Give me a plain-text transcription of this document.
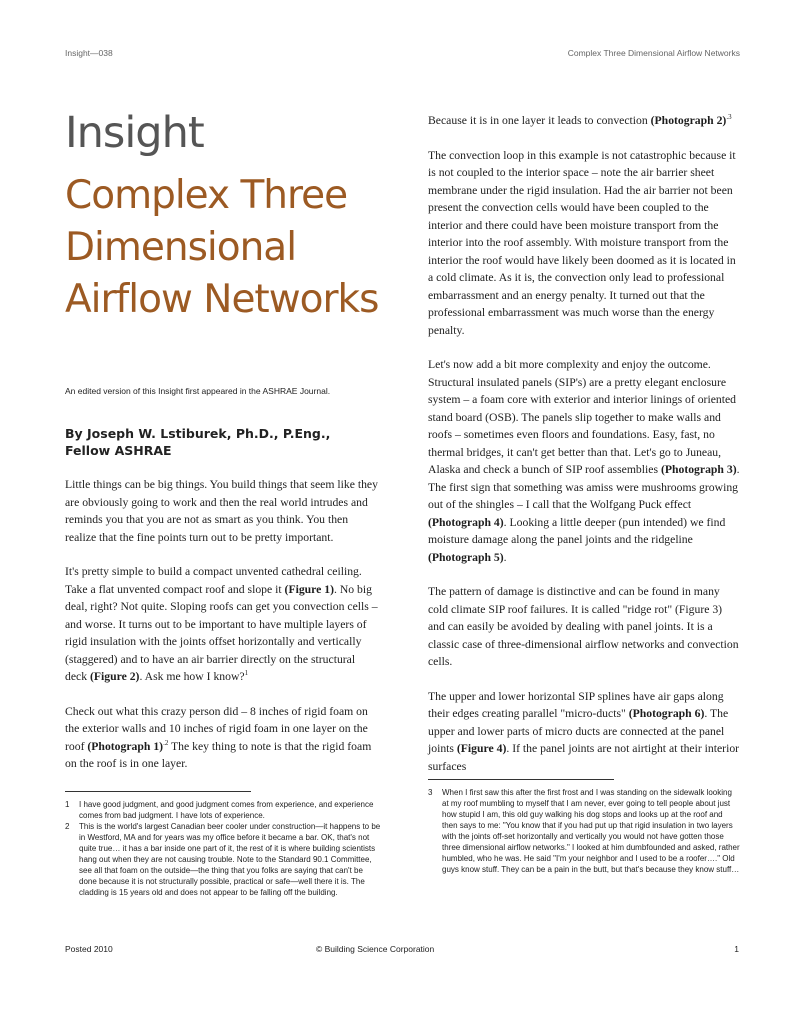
Insight—038	Complex Three Dimensional Airflow Networks
Insight
Complex Three Dimensional Airflow Networks
An edited version of this Insight first appeared in the ASHRAE Journal.
By Joseph W. Lstiburek, Ph.D., P.Eng., Fellow ASHRAE

Little things can be big things. You build things that seem like they are obviously going to work and then the real world intrudes and reminds you that you are not as smart as you think. You then realize that the fine points turn out to be pretty important.

It's pretty simple to build a compact unvented cathedral ceiling. Take a flat unvented compact roof and slope it (Figure 1). No big deal, right? Not quite. Sloping roofs can get you convection cells – and worse. It turns out to be important to have multiple layers of rigid insulation with the joints offset horizontally and vertically (staggered) and to have an air barrier directly on the structural deck (Figure 2). Ask me how I know?$^1$

Check out what this crazy person did – 8 inches of rigid foam on the exterior walls and 10 inches of rigid foam in one layer on the roof (Photograph 1)$^{.2}$ The key thing to note is that the rigid foam on the roof is in one layer.

Because it is in one layer it leads to convection (Photograph 2)$^{.3}$

The convection loop in this example is not catastrophic because it is not coupled to the interior space – note the air barrier sheet membrane under the rigid insulation. Had the air barrier not been present the convection cells would have been coupled to the interior and there could have been moisture transport from the interior into the roof assembly. With moisture transport from the interior the roof would have likely been doomed as it is located in a cold climate. As it is, the convection only lead to professional embarrassment and an energy penalty. It turned out that the professional embarrassment was much worse than the energy penalty.

Let's now add a bit more complexity and enjoy the outcome. Structural insulated panels (SIP's) are a pretty elegant enclosure system – a foam core with exterior and interior linings of oriented stand board (OSB). The panels slip together to make walls and roofs – sometimes even floors and foundations. Easy, fast, no thermal bridges, it can't get better than that. Let's go to Juneau, Alaska and check a bunch of SIP roof assemblies (Photograph 3). The first sign that something was amiss were mushrooms growing out of the shingles – I call that the Wolfgang Puck effect (Photograph 4). Looking a little deeper (pun intended) we find moisture damage along the panel joints and the ridgeline (Photograph 5).

The pattern of damage is distinctive and can be found in many cold climate SIP roof failures. It is called "ridge rot" (Figure 3) and can easily be avoided by dealing with panel joints. It is a classic case of three-dimensional airflow networks and convection cells.

The upper and lower horizontal SIP splines have air gaps along their edges creating parallel "micro-ducts" (Photograph 6). The upper and lower parts of micro ducts are connected at the panel joints (Figure 4). If the panel joints are not airtight at their interior surfaces

1	I have good judgment, and good judgment comes from experience, and experience comes from bad judgment. I have lots of experience.
2	This is the world's largest Canadian beer cooler under construction—it happens to be in Westford, MA and for years was my office before it became a bar. OK, that's not quite true… it has a bar inside one part of it, the rest of it is where building scientists hang out when they are not causing trouble. Note to the Standard 90.1 Committee, see all that foam on the outside—the thing that you folks are saying that can't be done because it is not structurally possible, practical or safe—well there it is. The cladding is 15 years old and does not appear to be falling off the building.
3	When I first saw this after the first frost and I was standing on the sidewalk looking at my roof mumbling to myself that I am never, ever going to tell people about just how stupid I am, this old guy walking his dog stops and looks up at the roof and then says to me: "You know that if you had put up that rigid insulation in two layers with the joints off-set horizontally and vertically you would not have gotten those three dimensional airflow networks." I looked at him dumbfounded and asked, rather humbled, who he was. He said "I'm your neighbor and I used to be a roofer…." Old guys know stuff. They can be a pain in the butt, but that's because they know stuff…
Posted 2010	© Building Science Corporation	1
